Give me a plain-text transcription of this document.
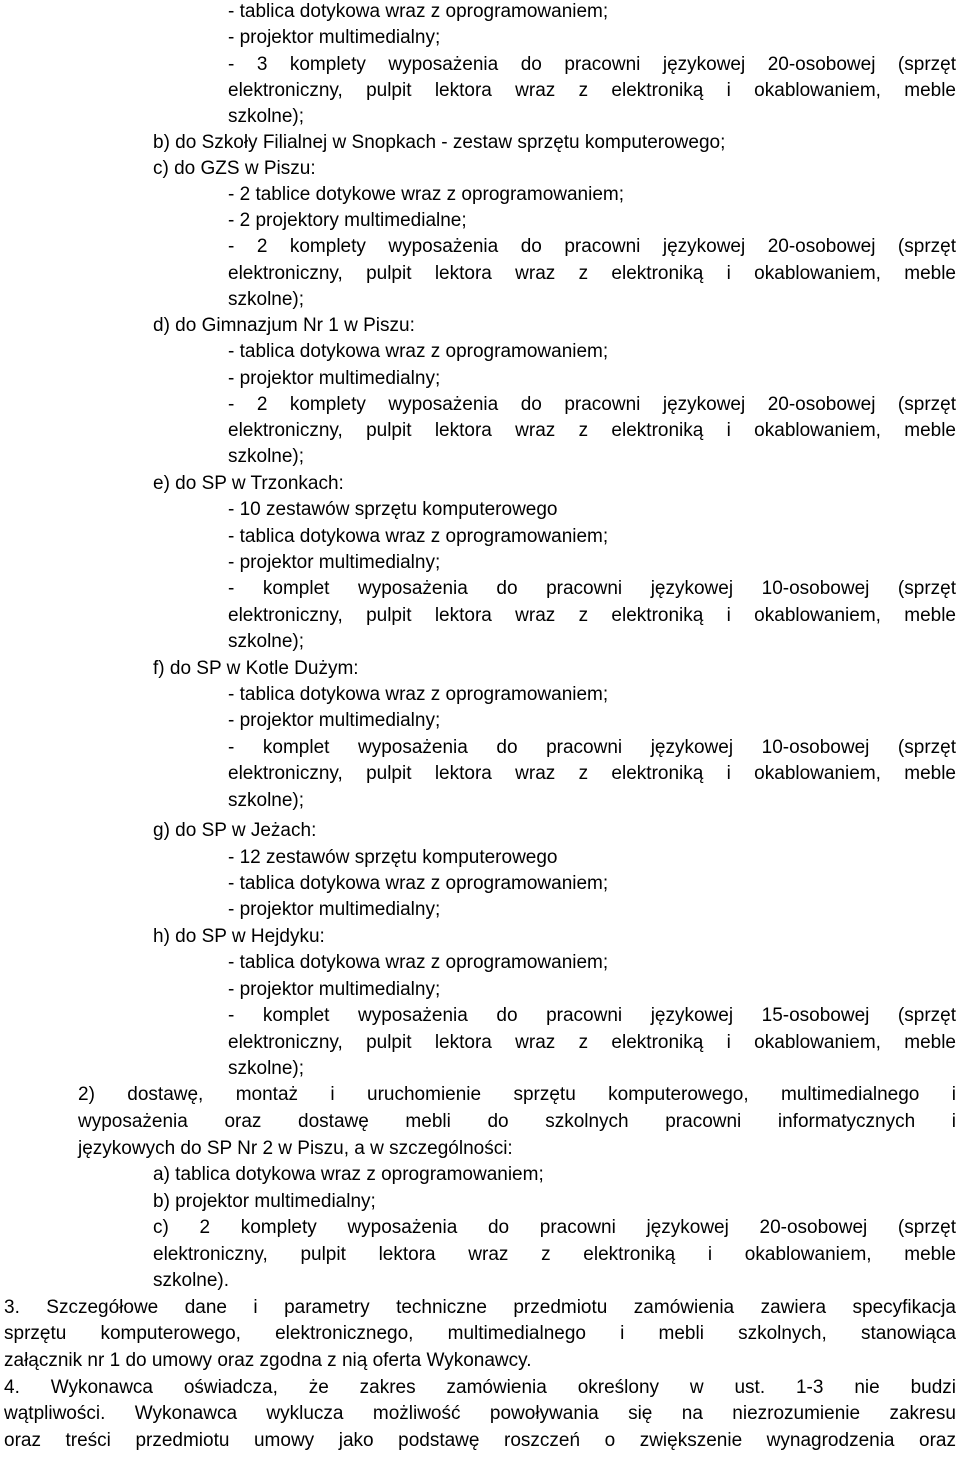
- tablica dotykowa wraz z oprogramowaniem;
- projektor multimedialny;
- 3 komplety wyposażenia do pracowni językowej 20-osobowej (sprzęt
elektroniczny, pulpit lektora wraz z elektroniką i okablowaniem, meble
szkolne);
b) do Szkoły Filialnej w Snopkach - zestaw sprzętu komputerowego;
c) do GZS w Piszu:
- 2 tablice dotykowe wraz z oprogramowaniem;
- 2 projektory multimedialne;
- 2 komplety wyposażenia do pracowni językowej 20-osobowej (sprzęt
elektroniczny, pulpit lektora wraz z elektroniką i okablowaniem, meble
szkolne);
d) do Gimnazjum Nr 1 w Piszu:
- tablica dotykowa wraz z oprogramowaniem;
- projektor multimedialny;
- 2 komplety wyposażenia do pracowni językowej 20-osobowej (sprzęt
elektroniczny, pulpit lektora wraz z elektroniką i okablowaniem, meble
szkolne);
e) do SP w Trzonkach:
- 10 zestawów sprzętu komputerowego
- tablica dotykowa wraz z oprogramowaniem;
- projektor multimedialny;
- komplet wyposażenia do pracowni językowej 10-osobowej (sprzęt
elektroniczny, pulpit lektora wraz z elektroniką i okablowaniem, meble
szkolne);
f) do SP w Kotle Dużym:
- tablica dotykowa wraz z oprogramowaniem;
- projektor multimedialny;
- komplet wyposażenia do pracowni językowej 10-osobowej (sprzęt
elektroniczny, pulpit lektora wraz z elektroniką i okablowaniem, meble
szkolne);
g) do SP w Jeżach:
- 12 zestawów sprzętu komputerowego
- tablica dotykowa wraz z oprogramowaniem;
- projektor multimedialny;
h) do SP w Hejdyku:
- tablica dotykowa wraz z oprogramowaniem;
- projektor multimedialny;
- komplet wyposażenia do pracowni językowej 15-osobowej (sprzęt
elektroniczny, pulpit lektora wraz z elektroniką i okablowaniem, meble
szkolne);
2) dostawę, montaż i uruchomienie sprzętu komputerowego, multimedialnego i
wyposażenia oraz dostawę mebli do szkolnych pracowni informatycznych i
językowych do SP Nr 2 w Piszu, a w szczególności:
a) tablica dotykowa wraz z oprogramowaniem;
b) projektor multimedialny;
c) 2 komplety wyposażenia do pracowni językowej 20-osobowej (sprzęt
elektroniczny, pulpit lektora wraz z elektroniką i okablowaniem, meble
szkolne).
3. Szczegółowe dane i parametry techniczne przedmiotu zamówienia zawiera specyfikacja
sprzętu komputerowego, elektronicznego, multimedialnego i mebli szkolnych, stanowiąca
załącznik nr 1 do umowy oraz zgodna z nią oferta Wykonawcy.
4. Wykonawca oświadcza, że zakres zamówienia określony w ust. 1-3 nie budzi
wątpliwości. Wykonawca wyklucza możliwość powoływania się na niezrozumienie zakresu
oraz treści przedmiotu umowy jako podstawę roszczeń o zwiększenie wynagrodzenia oraz
